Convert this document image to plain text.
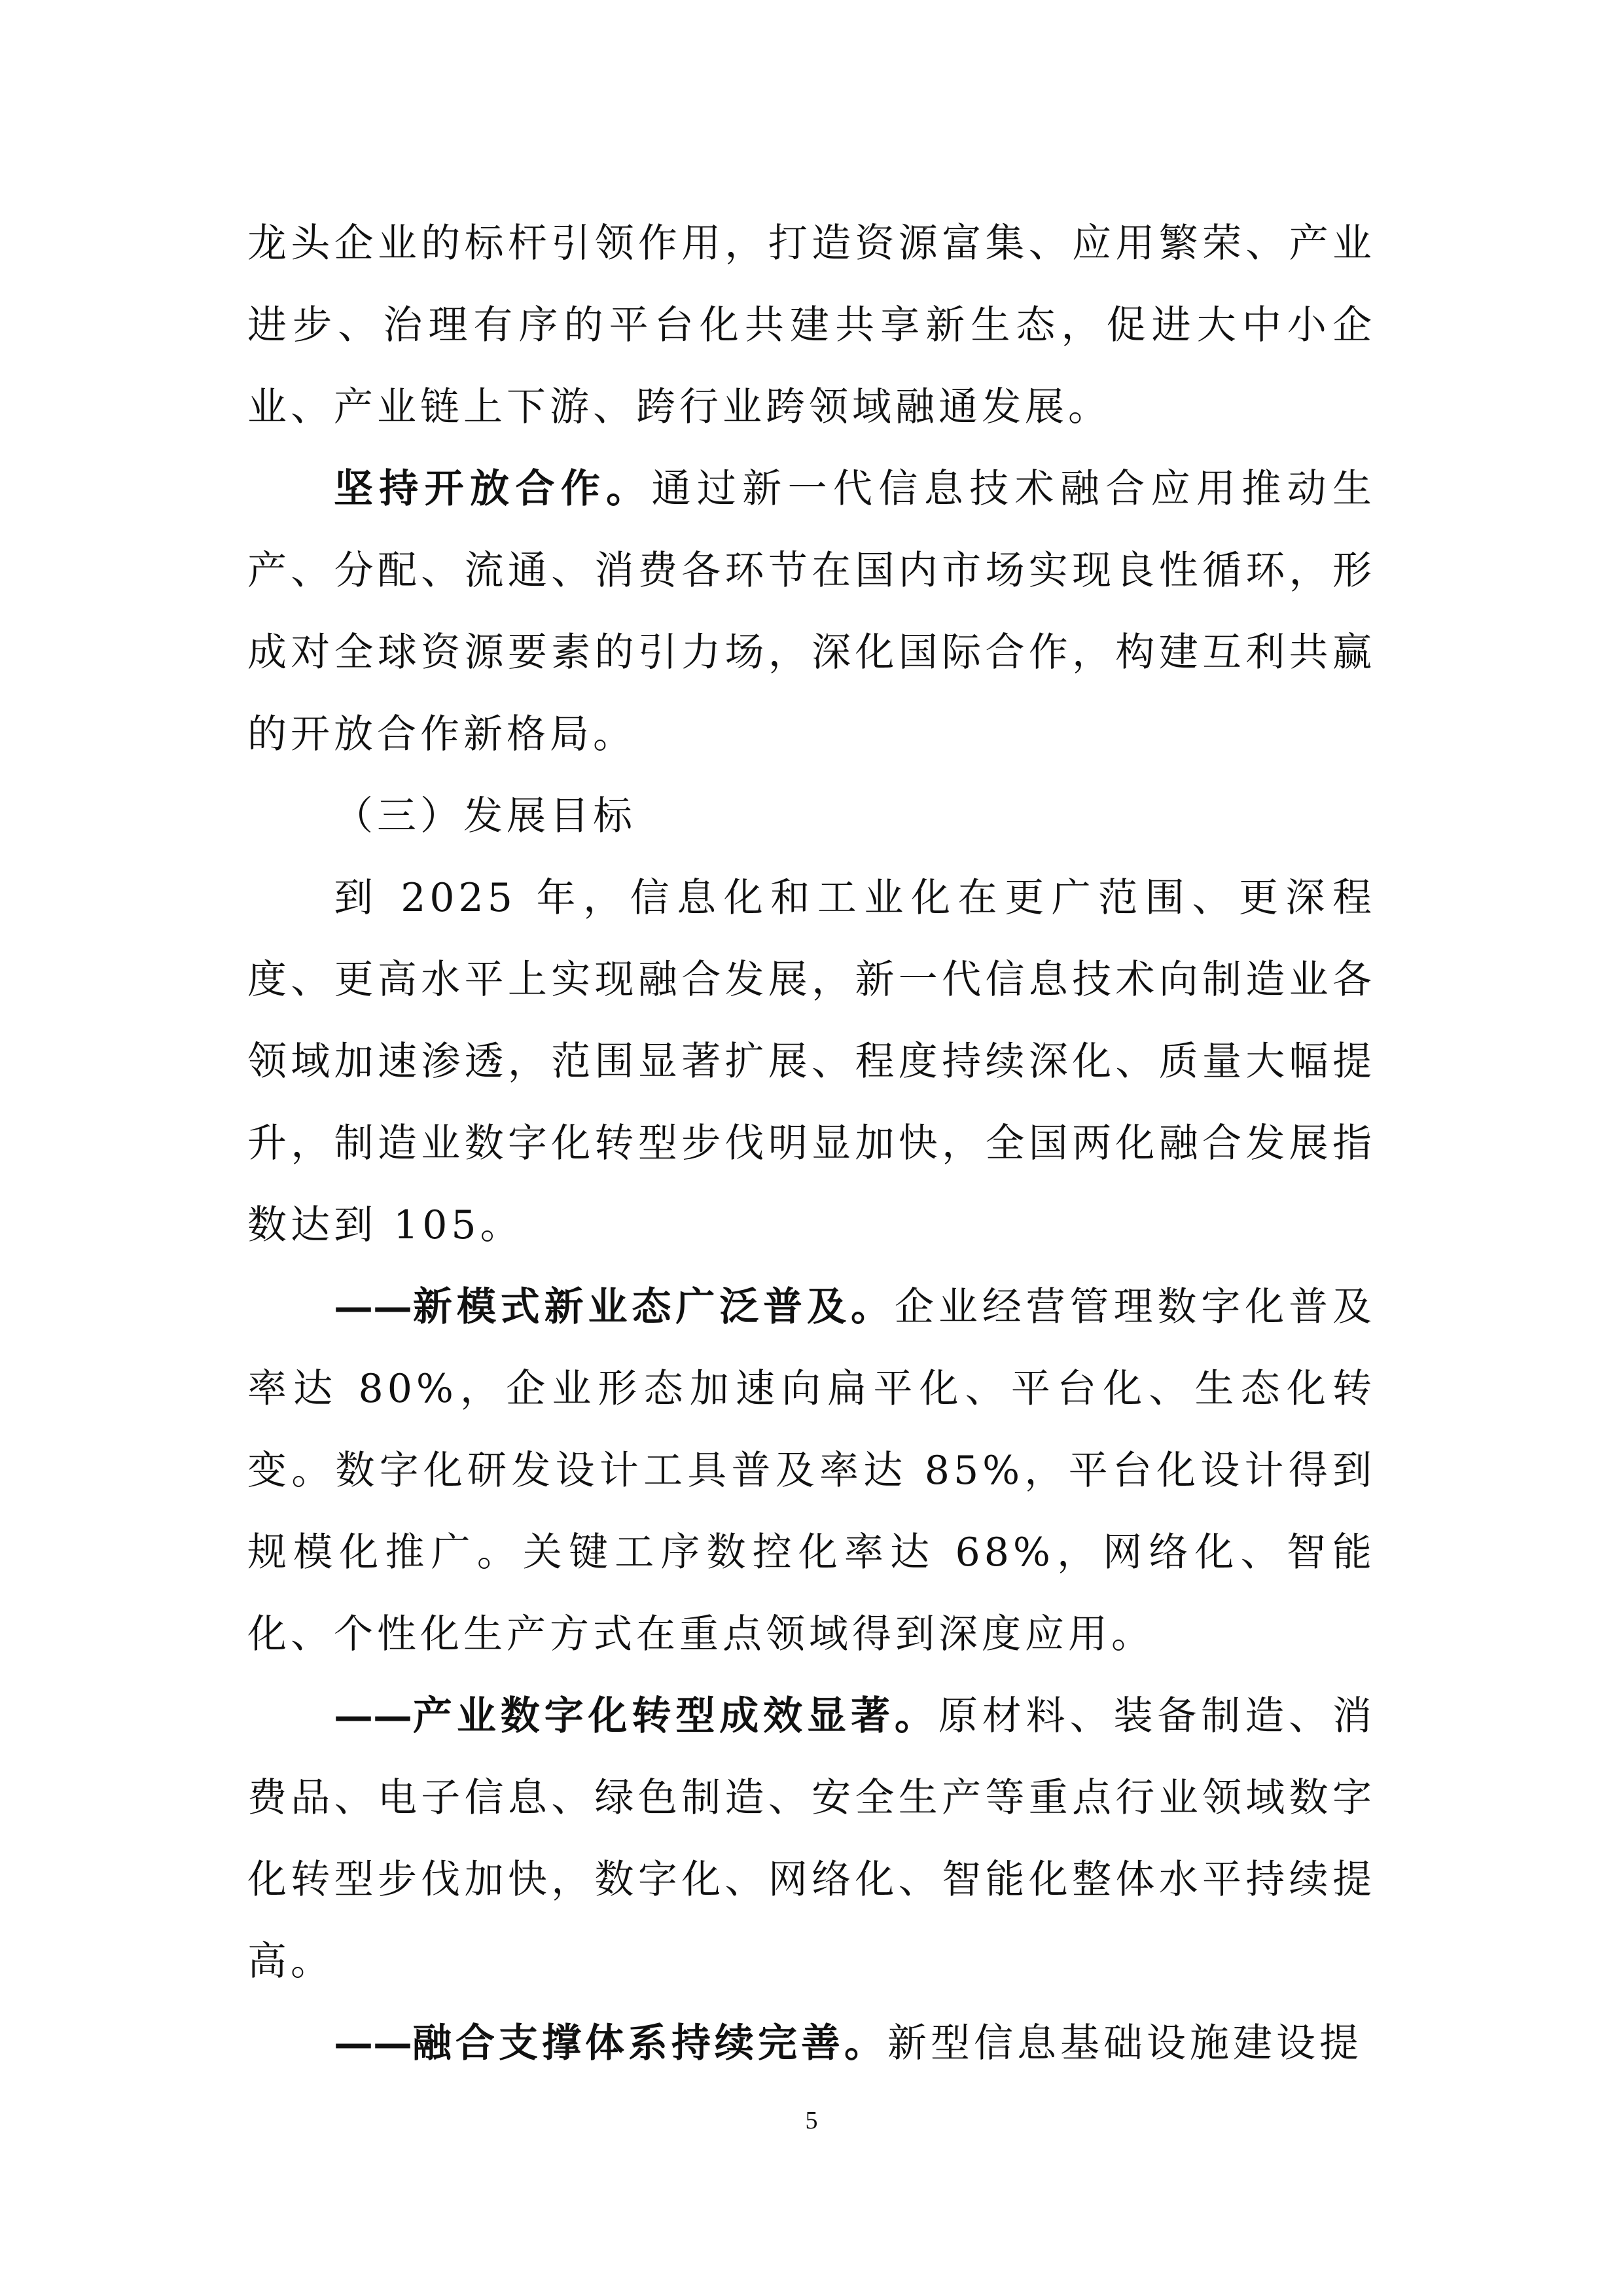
龙头企业的标杆引领作用，打造资源富集、应用繁荣、产业进步、治理有序的平台化共建共享新生态，促进大中小企业、产业链上下游、跨行业跨领域融通发展。

坚持开放合作。通过新一代信息技术融合应用推动生产、分配、流通、消费各环节在国内市场实现良性循环，形成对全球资源要素的引力场，深化国际合作，构建互利共赢的开放合作新格局。

（三）发展目标

到 2025 年，信息化和工业化在更广范围、更深程度、更高水平上实现融合发展，新一代信息技术向制造业各领域加速渗透，范围显著扩展、程度持续深化、质量大幅提升，制造业数字化转型步伐明显加快，全国两化融合发展指数达到 105。

——新模式新业态广泛普及。企业经营管理数字化普及率达 80%，企业形态加速向扁平化、平台化、生态化转变。数字化研发设计工具普及率达 85%，平台化设计得到规模化推广。关键工序数控化率达 68%，网络化、智能化、个性化生产方式在重点领域得到深度应用。

——产业数字化转型成效显著。原材料、装备制造、消费品、电子信息、绿色制造、安全生产等重点行业领域数字化转型步伐加快，数字化、网络化、智能化整体水平持续提高。

——融合支撑体系持续完善。新型信息基础设施建设提

5
